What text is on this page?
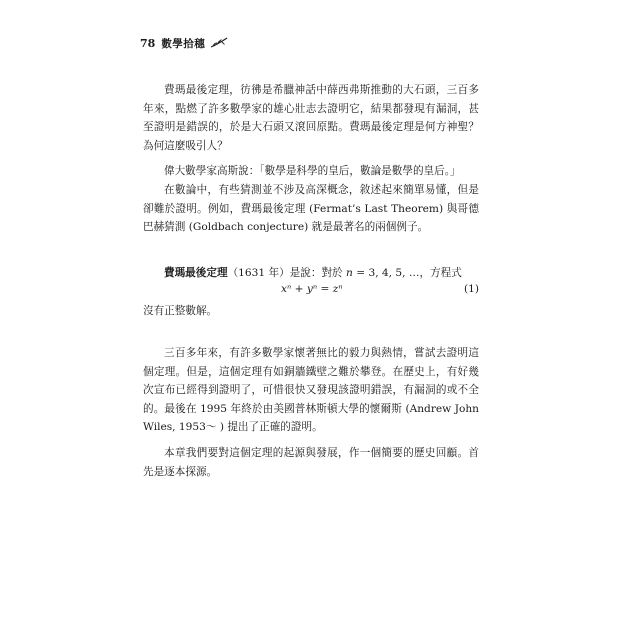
78 數學拾穗

費瑪最後定理，彷彿是希臘神話中薛西弗斯推動的大石頭，三百多年來，點燃了許多數學家的雄心壯志去證明它，結果都發現有漏洞，甚至證明是錯誤的，於是大石頭又滾回原點。費瑪最後定理是何方神聖？為何這麼吸引人？

偉大數學家高斯說：「數學是科學的皇后，數論是數學的皇后。」

在數論中，有些猜測並不涉及高深概念，敘述起來簡單易懂，但是卻難於證明。例如，費瑪最後定理 (Fermat’s Last Theorem) 與哥德巴赫猜測 (Goldbach conjecture) 就是最著名的兩個例子。

費瑪最後定理（1631 年）是說：對於 n = 3, 4, 5, …，方程式
xⁿ + yⁿ = zⁿ	(1)
沒有正整數解。

三百多年來，有許多數學家懷著無比的毅力與熱情，嘗試去證明這個定理。但是，這個定理有如銅牆鐵壁之難於攀登。在歷史上，有好幾次宣布已經得到證明了，可惜很快又發現該證明錯誤，有漏洞的或不全的。最後在 1995 年終於由美國普林斯頓大學的懷爾斯 (Andrew John Wiles, 1953～ ) 提出了正確的證明。

本章我們要對這個定理的起源與發展，作一個簡要的歷史回顧。首先是逐本探源。
